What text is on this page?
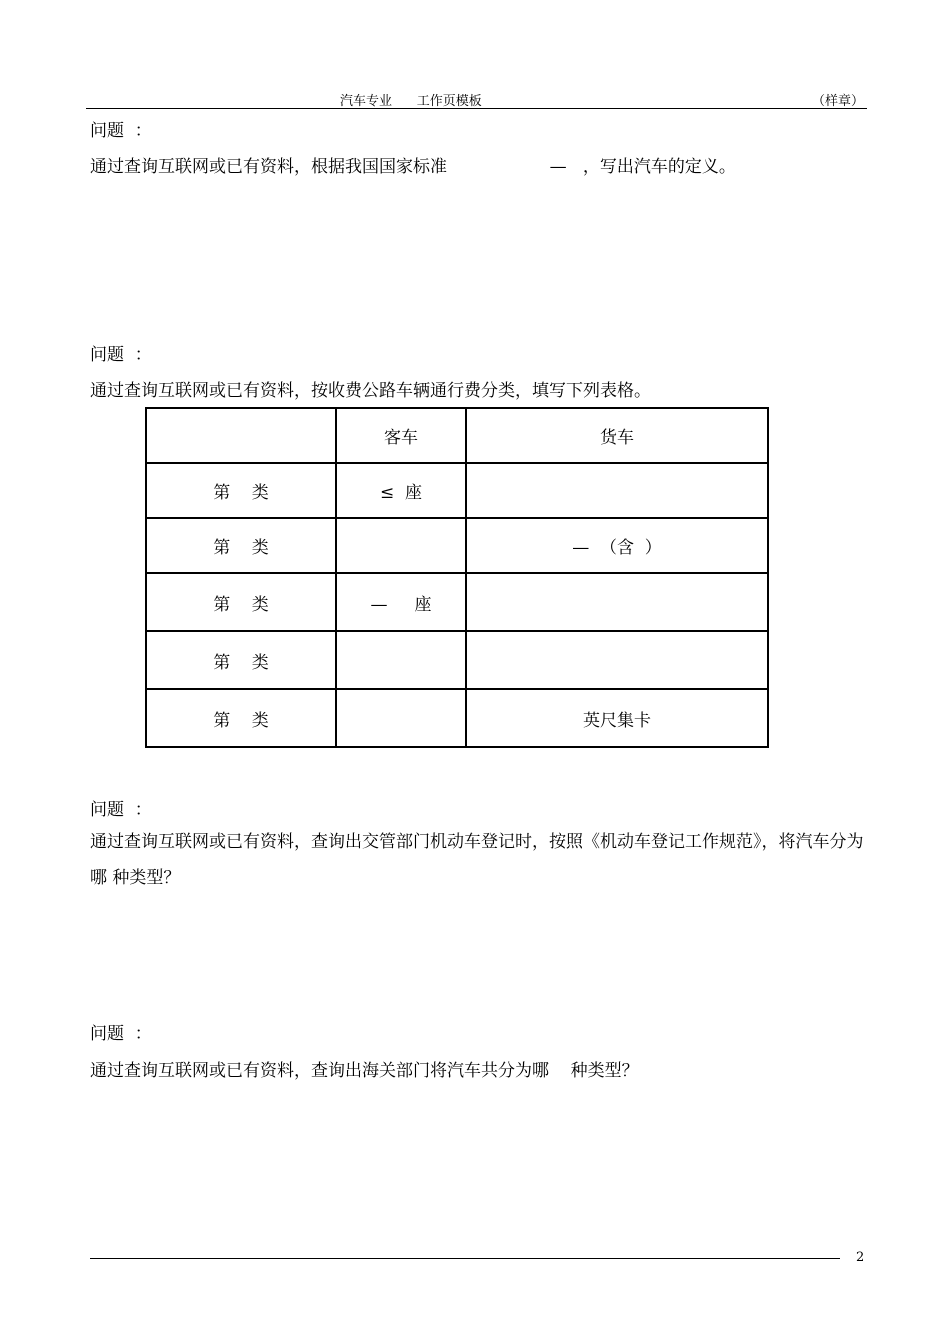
汽车专业      工作页模板	（样章）
问题  ：
通过查询互联网或已有资料，根据我国国家标准                   —   ，写出汽车的定义。
问题  ：
通过查询互联网或已有资料，按收费公路车辆通行费分类，填写下列表格。
	客车	货车
第    类	≤  座	
第    类		—  （含  ）
第    类	—     座	
第    类		
第    类		英尺集卡
问题  ：
通过查询互联网或已有资料，查询出交管部门机动车登记时，按照《机动车登记工作规范》，将汽车分为哪 种类型？
问题  ：
通过查询互联网或已有资料，查询出海关部门将汽车共分为哪    种类型？
2
